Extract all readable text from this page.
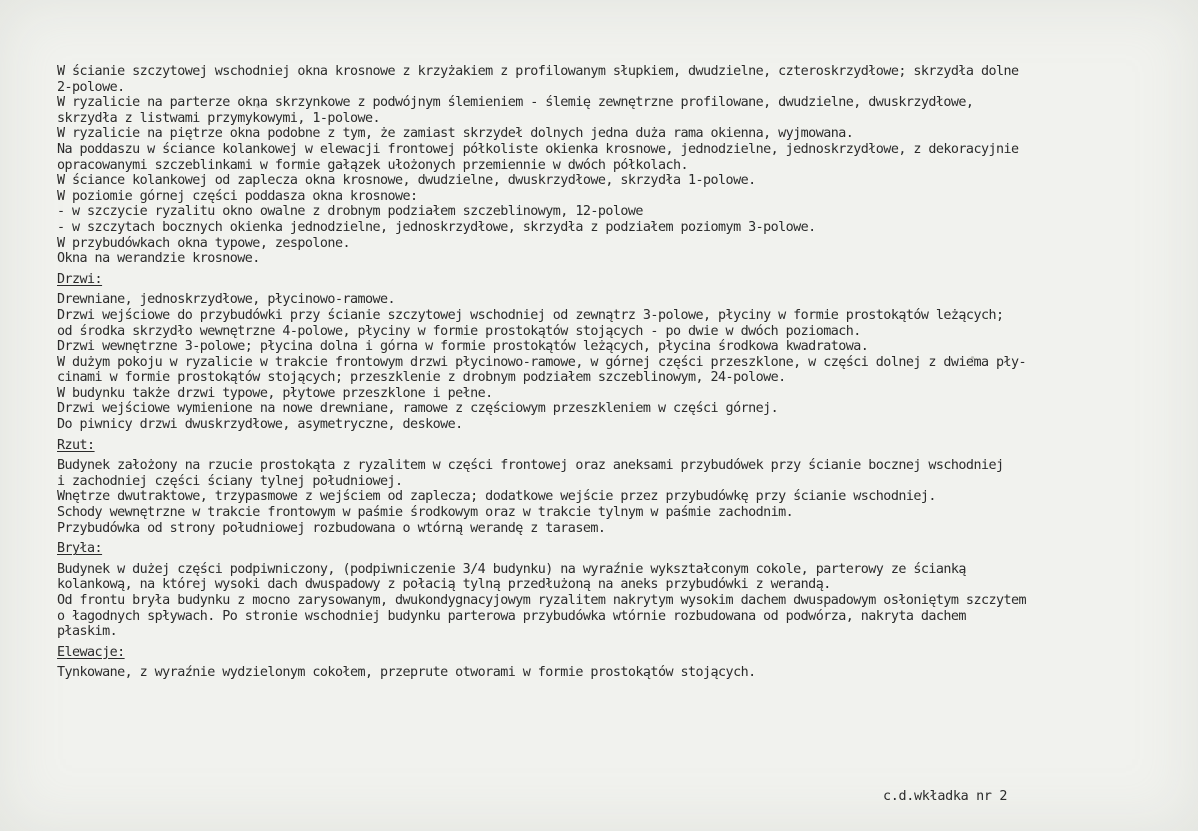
W ścianie szczytowej wschodniej okna krosnowe z krzyżakiem z profilowanym słupkiem, dwudzielne, czteroskrzydłowe; skrzydła dolne
2-polowe.
W ryzalicie na parterze okna skrzynkowe z podwójnym ślemieniem - ślemię zewnętrzne profilowane, dwudzielne, dwuskrzydłowe,
skrzydła z listwami przymykowymi, 1-polowe.
W ryzalicie na piętrze okna podobne z tym, że zamiast skrzydeł dolnych jedna duża rama okienna, wyjmowana.
Na poddaszu w ściance kolankowej w elewacji frontowej półkoliste okienka krosnowe, jednodzielne, jednoskrzydłowe, z dekoracyjnie
opracowanymi szczeblinkami w formie gałązek ułożonych przemiennie w dwóch półkolach.
W ściance kolankowej od zaplecza okna krosnowe, dwudzielne, dwuskrzydłowe, skrzydła 1-polowe.
W poziomie górnej części poddasza okna krosnowe:
- w szczycie ryzalitu okno owalne z drobnym podziałem szczeblinowym, 12-polowe
- w szczytach bocznych okienka jednodzielne, jednoskrzydłowe, skrzydła z podziałem poziomym 3-polowe.
W przybudówkach okna typowe, zespolone.
Okna na werandzie krosnowe.
Drzwi:
Drewniane, jednoskrzydłowe, płycinowo-ramowe.
Drzwi wejściowe do przybudówki przy ścianie szczytowej wschodniej od zewnątrz 3-polowe, płyciny w formie prostokątów leżących;
od środka skrzydło wewnętrzne 4-polowe, płyciny w formie prostokątów stojących - po dwie w dwóch poziomach.
Drzwi wewnętrzne 3-polowe; płycina dolna i górna w formie prostokątów leżących, płycina środkowa kwadratowa.
W dużym pokoju w ryzalicie w trakcie frontowym drzwi płycinowo-ramowe, w górnej części przeszklone, w części dolnej z dwiema pły-
cinami w formie prostokątów stojących; przeszklenie z drobnym podziałem szczeblinowym, 24-polowe.
W budynku także drzwi typowe, płytowe przeszklone i pełne.
Drzwi wejściowe wymienione na nowe drewniane, ramowe z częściowym przeszkleniem w części górnej.
Do piwnicy drzwi dwuskrzydłowe, asymetryczne, deskowe.
Rzut:
Budynek założony na rzucie prostokąta z ryzalitem w części frontowej oraz aneksami przybudówek przy ścianie bocznej wschodniej
i zachodniej części ściany tylnej południowej.
Wnętrze dwutraktowe, trzypasmowe z wejściem od zaplecza; dodatkowe wejście przez przybudówkę przy ścianie wschodniej.
Schody wewnętrzne w trakcie frontowym w paśmie środkowym oraz w trakcie tylnym w paśmie zachodnim.
Przybudówka od strony południowej rozbudowana o wtórną werandę z tarasem.
Bryła:
Budynek w dużej części podpiwniczony, (podpiwniczenie 3/4 budynku) na wyraźnie wykształconym cokole, parterowy ze ścianką
kolankową, na której wysoki dach dwuspadowy z połacią tylną przedłużoną na aneks przybudówki z werandą.
Od frontu bryła budynku z mocno zarysowanym, dwukondygnacyjowym ryzalitem nakrytym wysokim dachem dwuspadowym osłoniętym szczytem
o łagodnych spływach. Po stronie wschodniej budynku parterowa przybudówka wtórnie rozbudowana od podwórza, nakryta dachem
płaskim.
Elewacje:
Tynkowane, z wyraźnie wydzielonym cokołem, przeprute otworami w formie prostokątów stojących.
c.d.wkładka nr 2
